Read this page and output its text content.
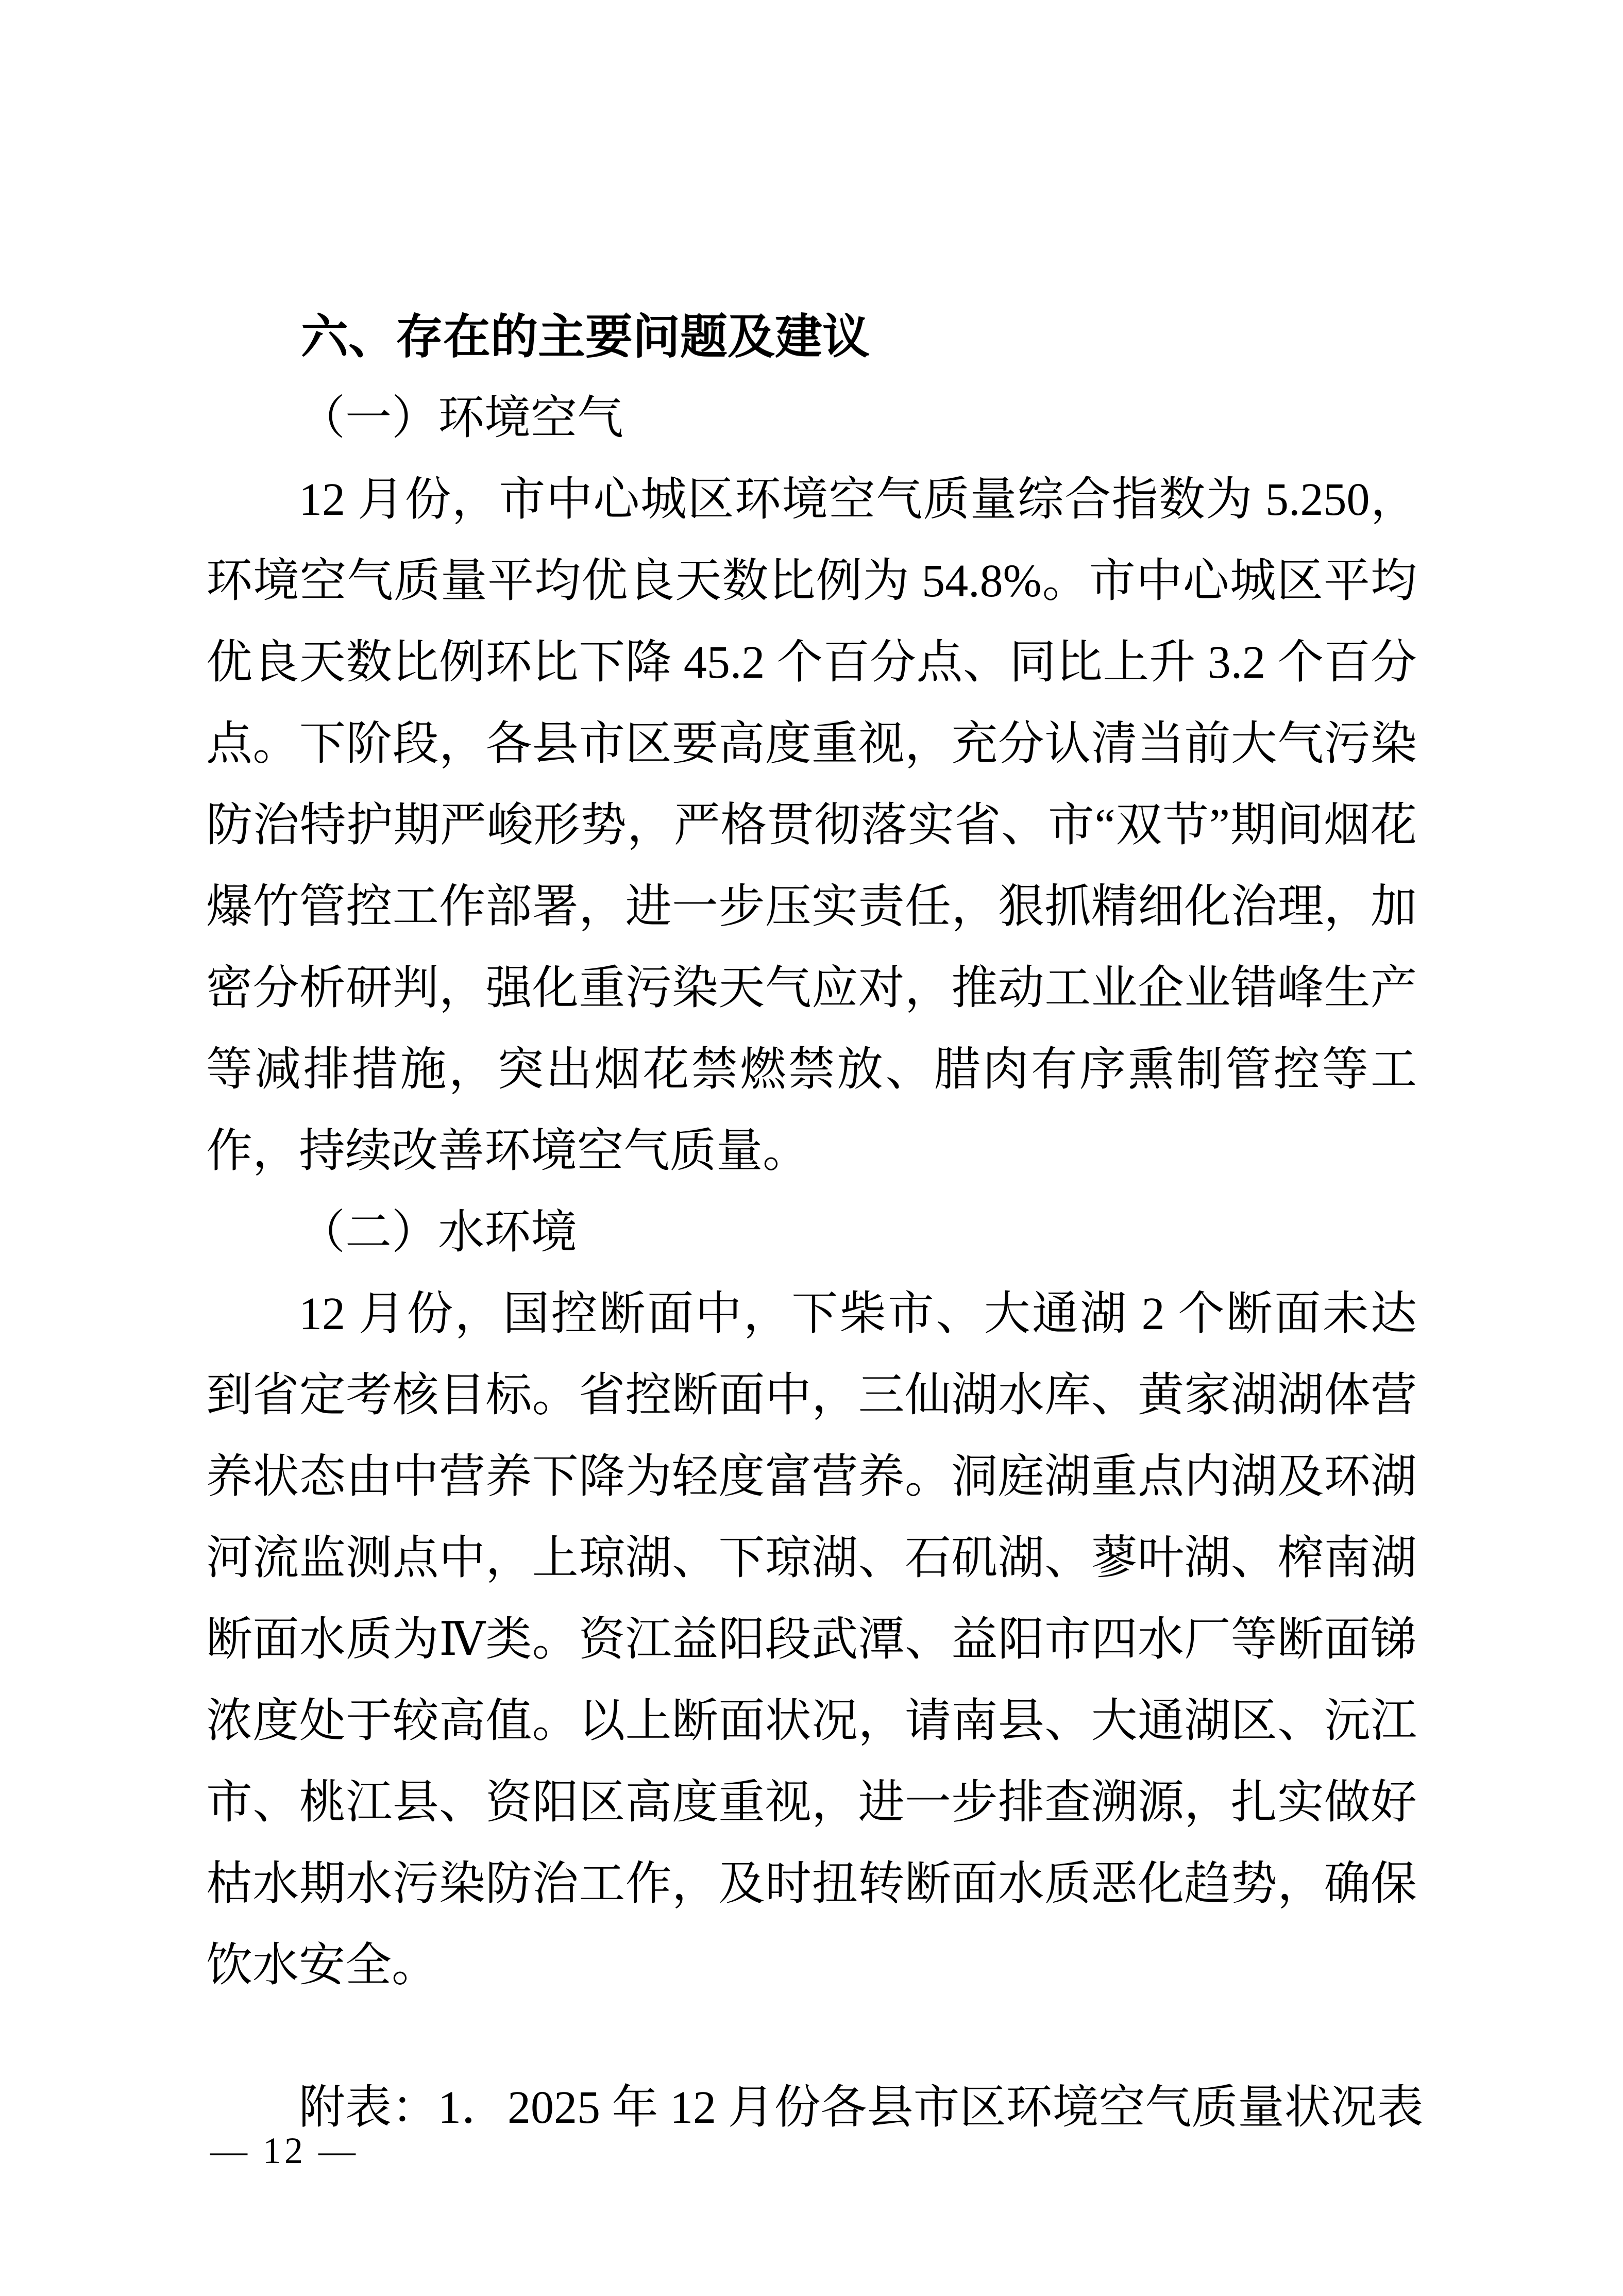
六、存在的主要问题及建议

（一）环境空气

12 月份，市中心城区环境空气质量综合指数为 5.250，环境空气质量平均优良天数比例为 54.8%。市中心城区平均优良天数比例环比下降 45.2 个百分点、同比上升 3.2 个百分点。下阶段，各县市区要高度重视，充分认清当前大气污染防治特护期严峻形势，严格贯彻落实省、市“双节”期间烟花爆竹管控工作部署，进一步压实责任，狠抓精细化治理，加密分析研判，强化重污染天气应对，推动工业企业错峰生产等减排措施，突出烟花禁燃禁放、腊肉有序熏制管控等工作，持续改善环境空气质量。

（二）水环境

12 月份，国控断面中，下柴市、大通湖 2 个断面未达到省定考核目标。省控断面中，三仙湖水库、黄家湖湖体营养状态由中营养下降为轻度富营养。洞庭湖重点内湖及环湖河流监测点中，上琼湖、下琼湖、石矶湖、蓼叶湖、榨南湖断面水质为Ⅳ类。资江益阳段武潭、益阳市四水厂等断面锑浓度处于较高值。以上断面状况，请南县、大通湖区、沅江市、桃江县、资阳区高度重视，进一步排查溯源，扎实做好枯水期水污染防治工作，及时扭转断面水质恶化趋势，确保饮水安全。

附表：1．2025 年 12 月份各县市区环境空气质量状况表

— 12 —
